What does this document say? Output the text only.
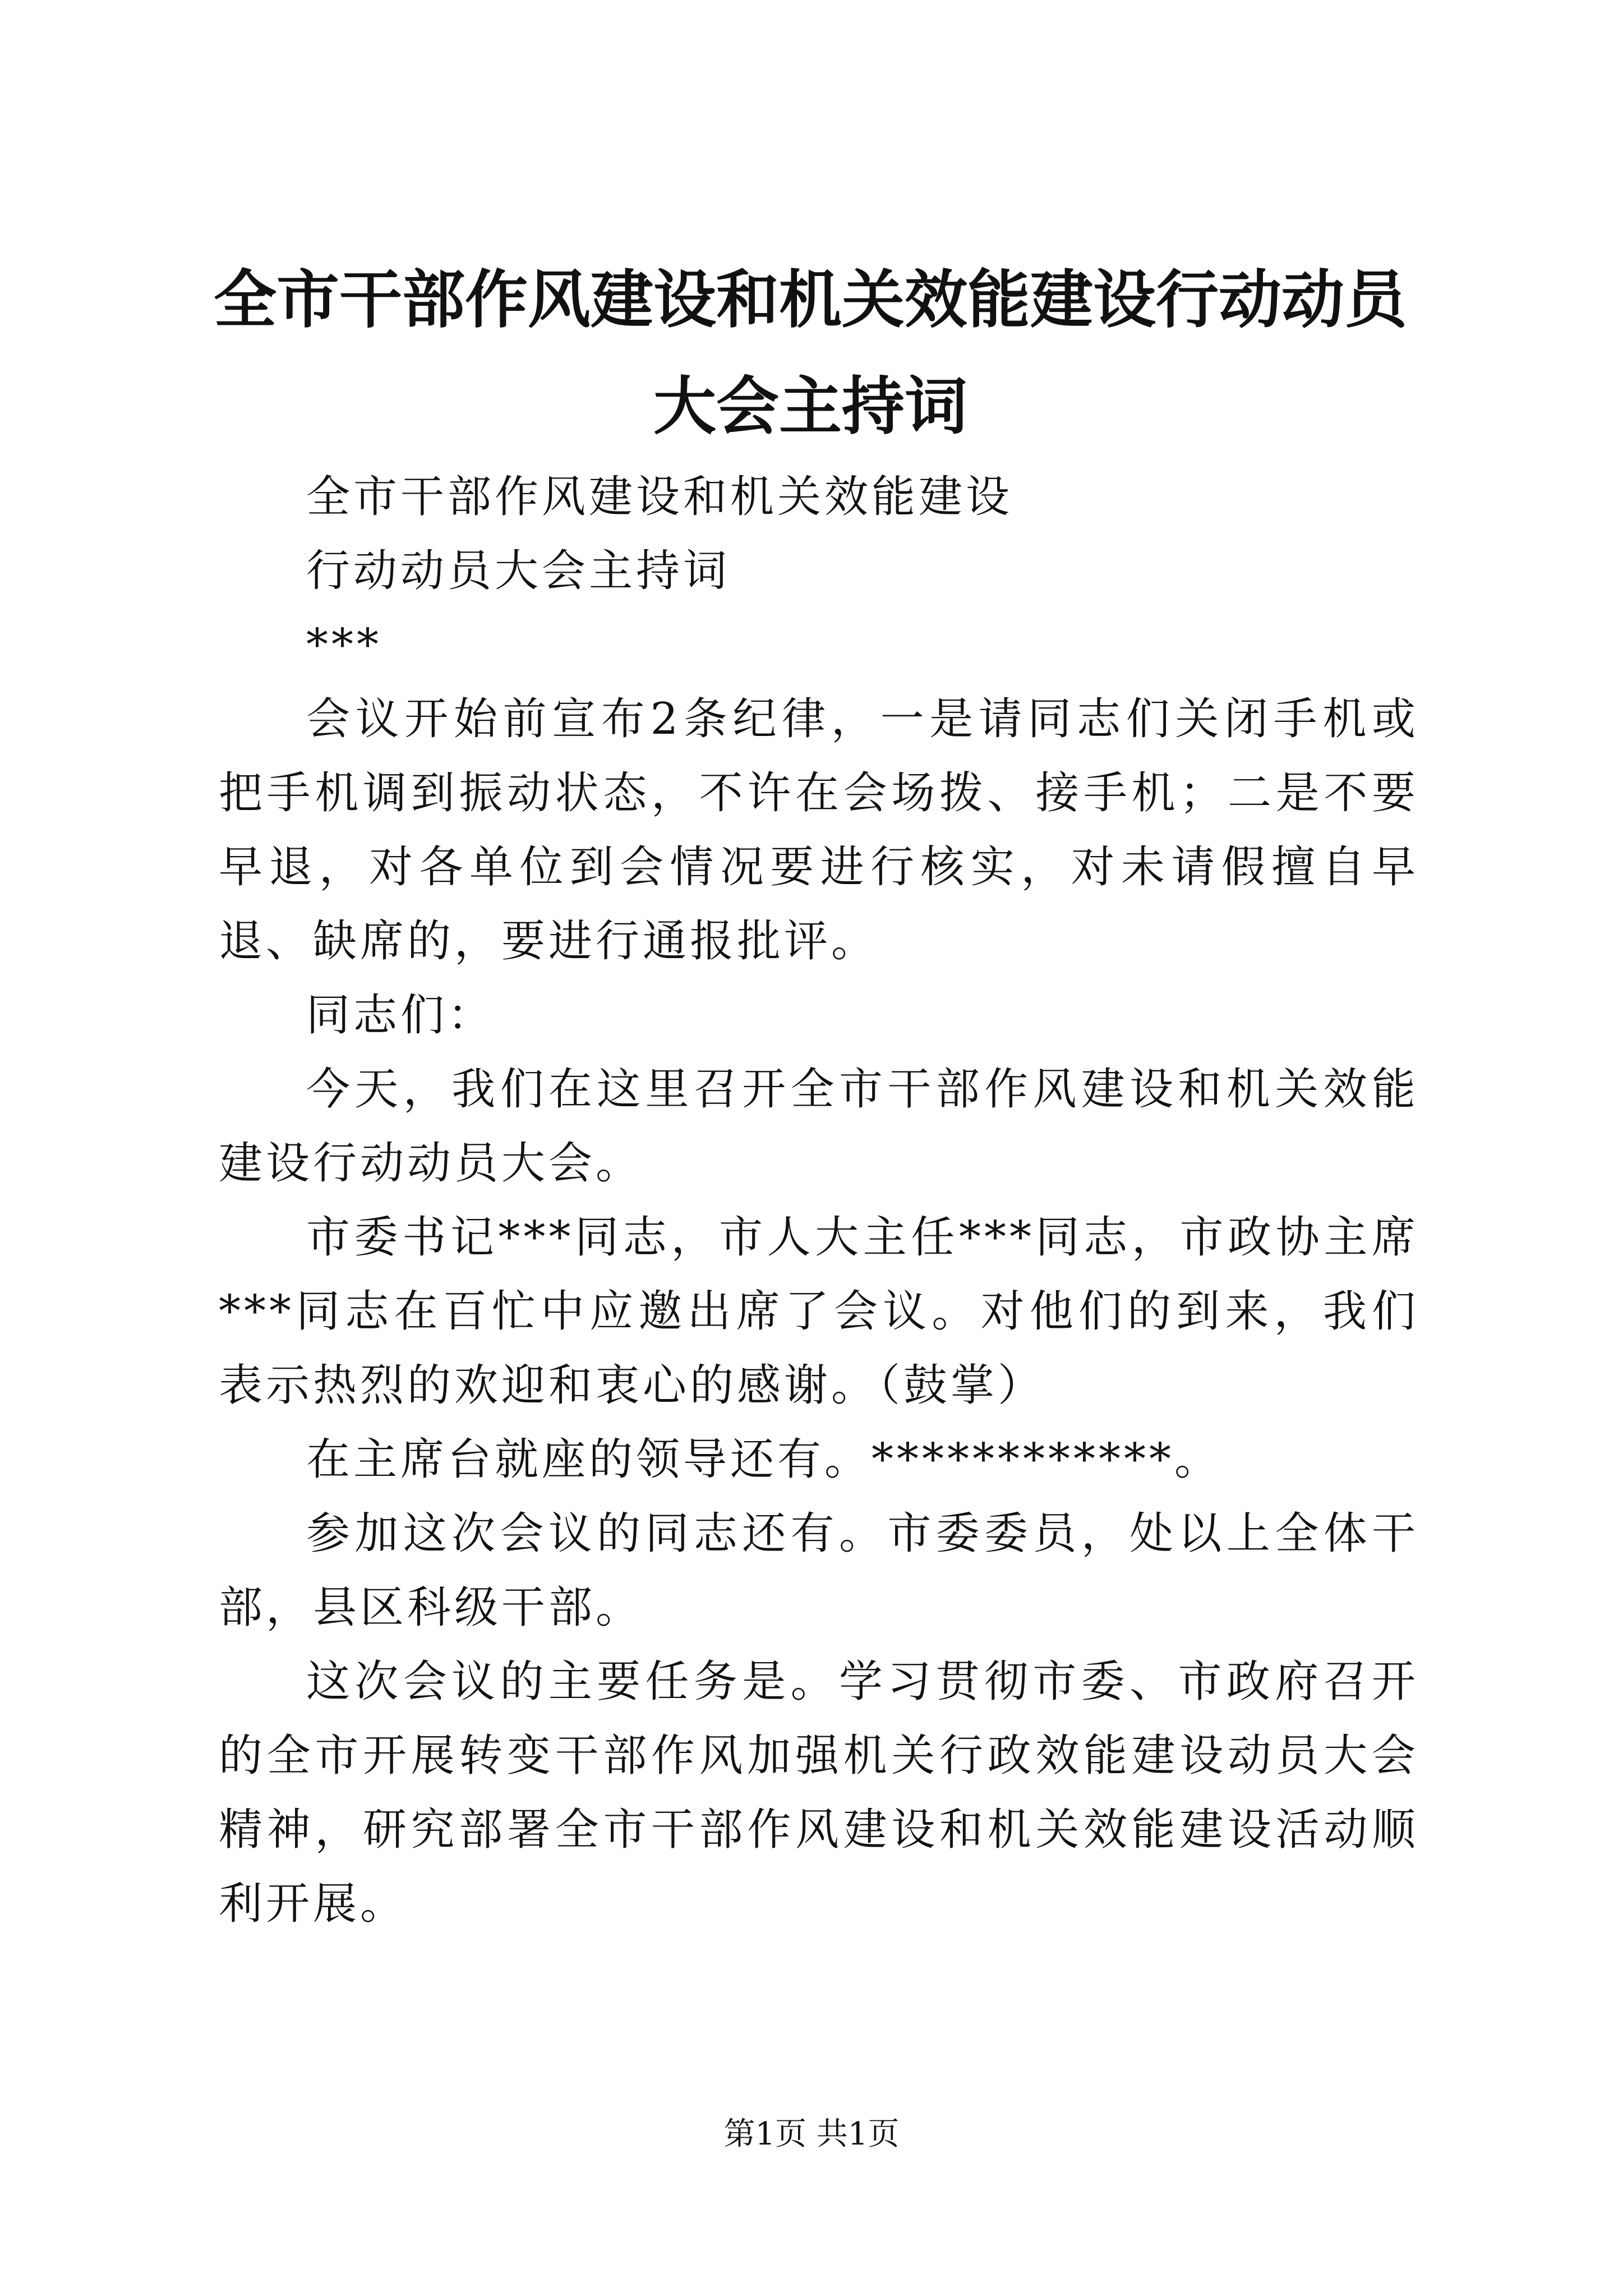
全市干部作风建设和机关效能建设行动动员大会主持词

全市干部作风建设和机关效能建设

行动动员大会主持词

***

会议开始前宣布2条纪律，一是请同志们关闭手机或把手机调到振动状态，不许在会场拨、接手机；二是不要早退，对各单位到会情况要进行核实，对未请假擅自早退、缺席的，要进行通报批评。

同志们：

今天，我们在这里召开全市干部作风建设和机关效能建设行动动员大会。

市委书记***同志，市人大主任***同志，市政协主席***同志在百忙中应邀出席了会议。对他们的到来，我们表示热烈的欢迎和衷心的感谢。（鼓掌）

在主席台就座的领导还有。************。

参加这次会议的同志还有。市委委员，处以上全体干部，县区科级干部。

这次会议的主要任务是。学习贯彻市委、市政府召开的全市开展转变干部作风加强机关行政效能建设动员大会精神，研究部署全市干部作风建设和机关效能建设活动顺利开展。

第1页 共1页
